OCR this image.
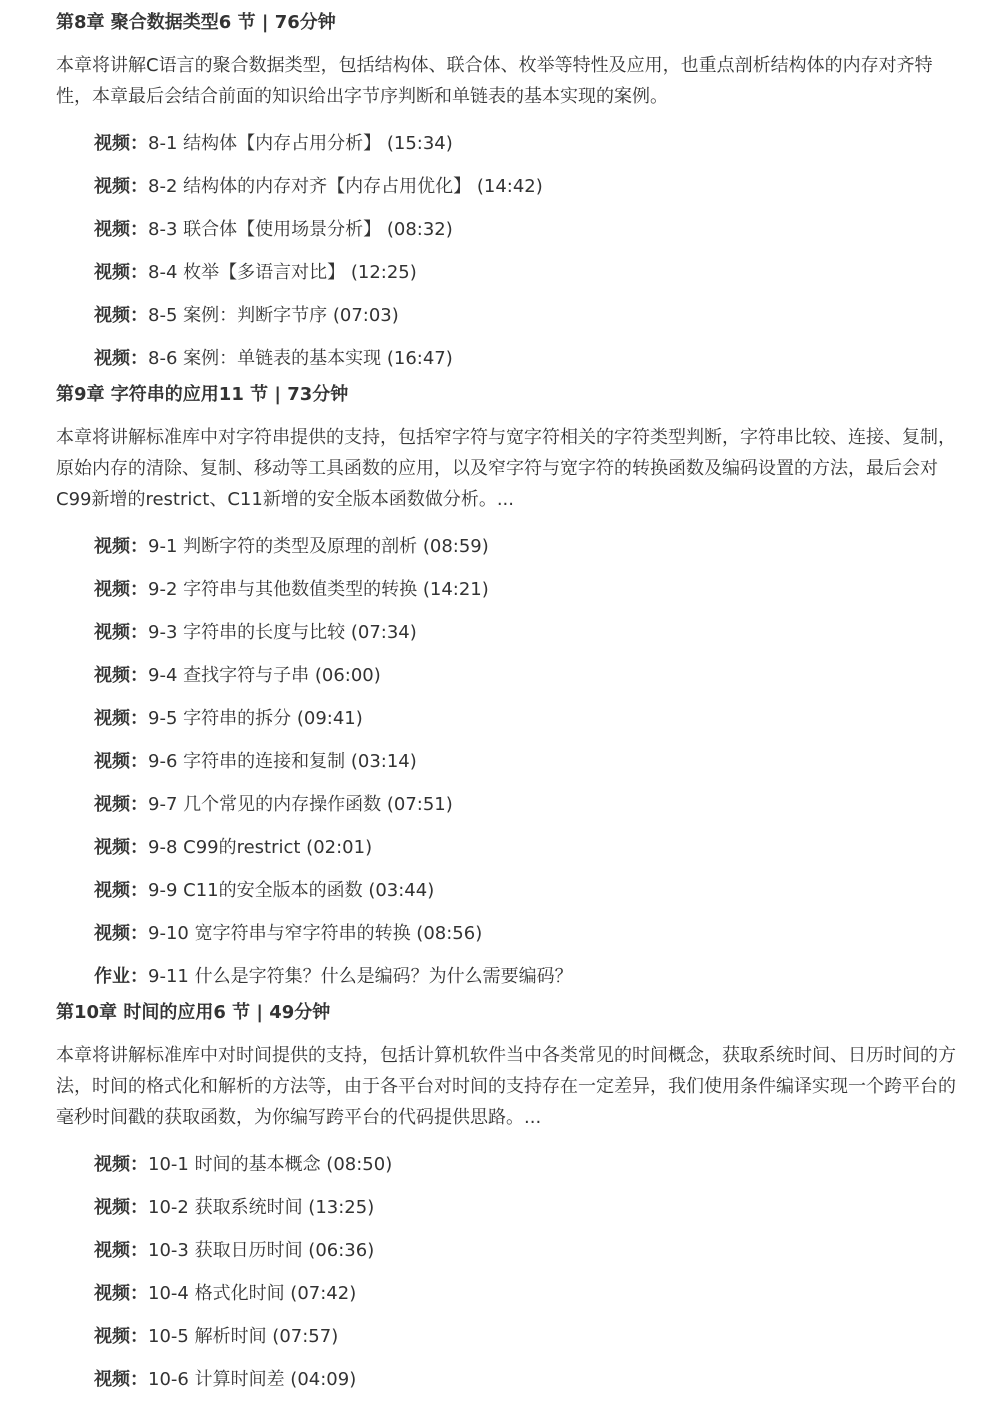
第8章 聚合数据类型6 节 | 76分钟
本章将讲解C语言的聚合数据类型，包括结构体、联合体、枚举等特性及应用，也重点剖析结构体的内存对齐特性，本章最后会结合前面的知识给出字节序判断和单链表的基本实现的案例。
视频：8-1 结构体【内存占用分析】 (15:34)
视频：8-2 结构体的内存对齐【内存占用优化】 (14:42)
视频：8-3 联合体【使用场景分析】 (08:32)
视频：8-4 枚举【多语言对比】 (12:25)
视频：8-5 案例：判断字节序 (07:03)
视频：8-6 案例：单链表的基本实现 (16:47)
第9章 字符串的应用11 节 | 73分钟
本章将讲解标准库中对字符串提供的支持，包括窄字符与宽字符相关的字符类型判断，字符串比较、连接、复制，原始内存的清除、复制、移动等工具函数的应用，以及窄字符与宽字符的转换函数及编码设置的方法，最后会对C99新增的restrict、C11新增的安全版本函数做分析。...
视频：9-1 判断字符的类型及原理的剖析 (08:59)
视频：9-2 字符串与其他数值类型的转换 (14:21)
视频：9-3 字符串的长度与比较 (07:34)
视频：9-4 查找字符与子串 (06:00)
视频：9-5 字符串的拆分 (09:41)
视频：9-6 字符串的连接和复制 (03:14)
视频：9-7 几个常见的内存操作函数 (07:51)
视频：9-8 C99的restrict (02:01)
视频：9-9 C11的安全版本的函数 (03:44)
视频：9-10 宽字符串与窄字符串的转换 (08:56)
作业：9-11 什么是字符集？什么是编码？为什么需要编码？
第10章 时间的应用6 节 | 49分钟
本章将讲解标准库中对时间提供的支持，包括计算机软件当中各类常见的时间概念，获取系统时间、日历时间的方法，时间的格式化和解析的方法等，由于各平台对时间的支持存在一定差异，我们使用条件编译实现一个跨平台的毫秒时间戳的获取函数，为你编写跨平台的代码提供思路。...
视频：10-1 时间的基本概念 (08:50)
视频：10-2 获取系统时间 (13:25)
视频：10-3 获取日历时间 (06:36)
视频：10-4 格式化时间 (07:42)
视频：10-5 解析时间 (07:57)
视频：10-6 计算时间差 (04:09)
